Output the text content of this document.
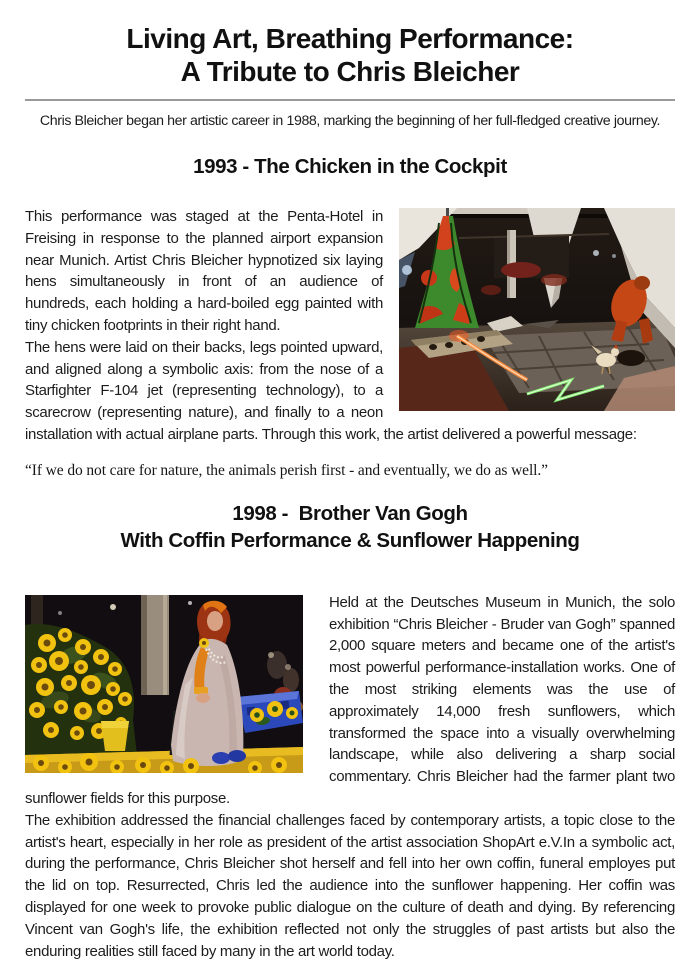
Living Art, Breathing Performance:
A Tribute to Chris Bleicher

Chris Bleicher began her artistic career in 1988, marking the beginning of her full-fledged creative journey.

1993 - The Chicken in the Cockpit

This performance was staged at the Penta-Hotel in Freising in response to the planned airport expansion near Munich. Artist Chris Bleicher hypnotized six laying hens simultaneously in front of an audience of hundreds, each holding a hard-boiled egg painted with tiny chicken footprints in their right hand.

The hens were laid on their backs, legs pointed upward, and aligned along a symbolic axis: from the nose of a Starfighter F-104 jet (representing technology), to a scarecrow (representing nature), and finally to a neon installation with actual airplane parts. Through this work, the artist delivered a powerful message:

“If we do not care for nature, the animals perish first - and eventually, we do as well.”

1998 -  Brother Van Gogh
With Coffin Performance & Sunflower Happening

Held at the Deutsches Museum in Munich, the solo exhibition “Chris Bleicher - Bruder van Gogh” spanned 2,000 square meters and became one of the artist's most powerful performance-installation works. One of the most striking elements was the use of approximately 14,000 fresh sunflowers, which transformed the space into a visually overwhelming landscape, while also delivering a sharp social commentary. Chris Bleicher had the farmer plant two sunflower fields for this purpose.

The exhibition addressed the financial challenges faced by contemporary artists, a topic close to the artist's heart, especially in her role as president of the artist association ShopArt e.V.In a symbolic act, during the performance, Chris Bleicher shot herself and fell into her own coffin, funeral employes put the lid on top. Resurrected, Chris led the audience into the sunflower happening. Her coffin was displayed for one week to provoke public dialogue on the culture of death and dying. By referencing Vincent van Gogh's life, the exhibition reflected not only the struggles of past artists but also the enduring realities still faced by many in the art world today.
